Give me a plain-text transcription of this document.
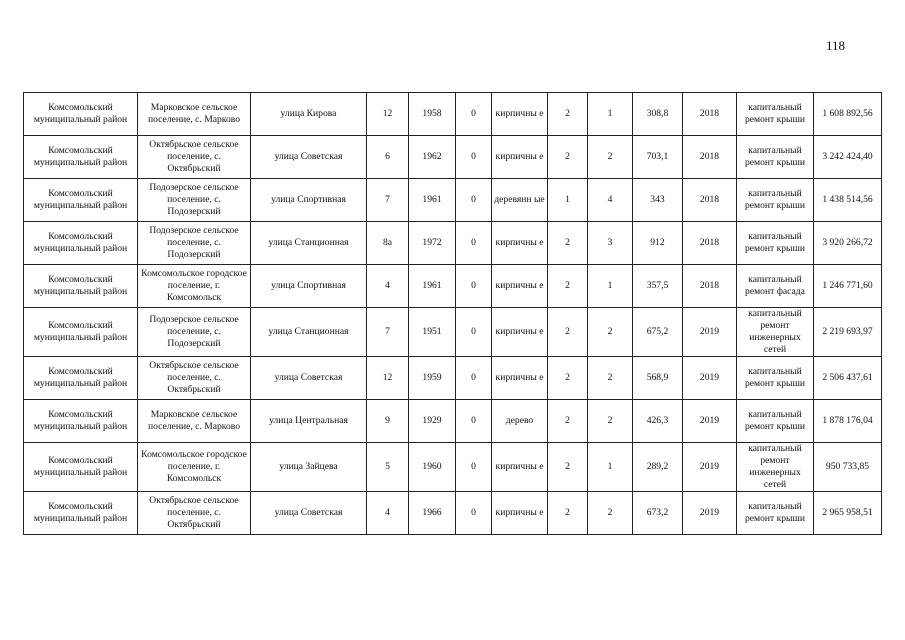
118
Комсомольский муниципальный район	Марковское сельское поселение, с. Марково	улица Кирова	12	1958	0	кирпичны е	2	1	308,8	2018	капитальный ремонт крыши	1 608 892,56
Комсомольский муниципальный район	Октябрьское сельское поселение, с. Октябрьский	улица Советская	6	1962	0	кирпичны е	2	2	703,1	2018	капитальный ремонт крыши	3 242 424,40
Комсомольский муниципальный район	Подозерское сельское поселение, с. Подозерский	улица Спортивная	7	1961	0	деревянн ые	1	4	343	2018	капитальный ремонт крыши	1 438 514,56
Комсомольский муниципальный район	Подозерское сельское поселение, с. Подозерский	улица Станционная	8а	1972	0	кирпичны е	2	3	912	2018	капитальный ремонт крыши	3 920 266,72
Комсомольский муниципальный район	Комсомольское городское поселение, г. Комсомольск	улица Спортивная	4	1961	0	кирпичны е	2	1	357,5	2018	капитальный ремонт фасада	1 246 771,60
Комсомольский муниципальный район	Подозерское сельское поселение, с. Подозерский	улица Станционная	7	1951	0	кирпичны е	2	2	675,2	2019	капитальный ремонт инженерных сетей	2 219 693,97
Комсомольский муниципальный район	Октябрьское сельское поселение, с. Октябрьский	улица Советская	12	1959	0	кирпичны е	2	2	568,9	2019	капитальный ремонт крыши	2 506 437,61
Комсомольский муниципальный район	Марковское сельское поселение, с. Марково	улица Центральная	9	1929	0	дерево	2	2	426,3	2019	капитальный ремонт крыши	1 878 176,04
Комсомольский муниципальный район	Комсомольское городское поселение, г. Комсомольск	улица Зайцева	5	1960	0	кирпичны е	2	1	289,2	2019	капитальный ремонт инженерных сетей	950 733,85
Комсомольский муниципальный район	Октябрьское сельское поселение, с. Октябрьский	улица Советская	4	1966	0	кирпичны е	2	2	673,2	2019	капитальный ремонт крыши	2 965 958,51
